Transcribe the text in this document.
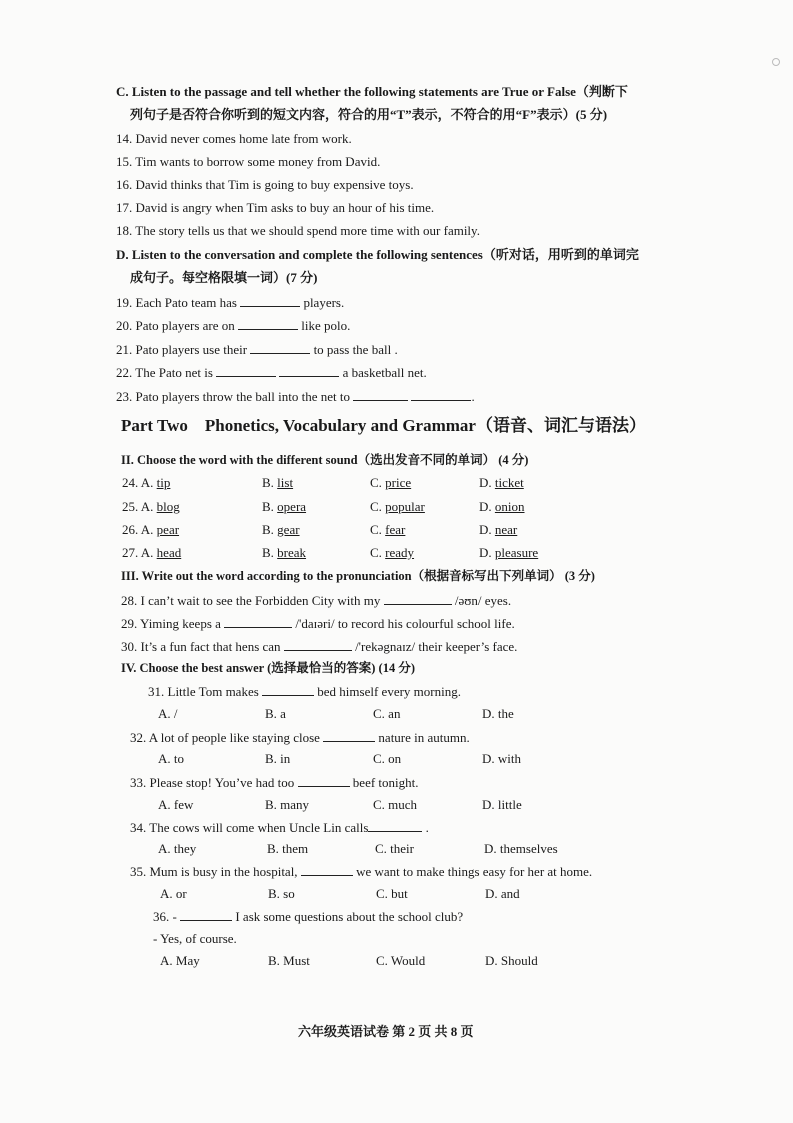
C. Listen to the passage and tell whether the following statements are True or False（判断下
列句子是否符合你听到的短文内容，符合的用“T”表示，不符合的用“F”表示）(5 分)
14. David never comes home late from work.
15. Tim wants to borrow some money from David.
16. David thinks that Tim is going to buy expensive toys.
17. David is angry when Tim asks to buy an hour of his time.
18. The story tells us that we should spend more time with our family.
D. Listen to the conversation and complete the following sentences（听对话，用听到的单词完
成句子。每空格限填一词）(7 分)
19. Each Pato team has	players.
20. Pato players are on	like polo.
21. Pato players use their	to pass the ball .
22. The Pato net is	a basketball net.
23. Pato players throw the ball into the net to	.
Part Two    Phonetics, Vocabulary and Grammar（语音、词汇与语法）
II. Choose the word with the different sound（选出发音不同的单词） (4 分)
24. A. tip	B. list	C. price	D. ticket
25. A. blog	B. opera	C. popular	D. onion
26. A. pear	B. gear	C. fear	D. near
27. A. head	B. break	C. ready	D. pleasure
III. Write out the word according to the pronunciation（根据音标写出下列单词） (3 分)
28. I can’t wait to see the Forbidden City with my	/əʊn/ eyes.
29. Yiming keeps a	/'daɪəri/ to record his colourful school life.
30. It’s a fun fact that hens can	/'rekəgnaɪz/ their keeper’s face.
IV. Choose the best answer (选择最恰当的答案) (14 分)
31. Little Tom makes	bed himself every morning.
A. /	B. a	C. an	D. the
32. A lot of people like staying close	nature in autumn.
A. to	B. in	C. on	D. with
33. Please stop! You’ve had too	beef tonight.
A. few	B. many	C. much	D. little
34. The cows will come when Uncle Lin calls	.
A. they	B. them	C. their	D. themselves
35. Mum is busy in the hospital,	we want to make things easy for her at home.
A. or	B. so	C. but	D. and
36. -	I ask some questions about the school club?
- Yes, of course.
A. May	B. Must	C. Would	D. Should
六年级英语试卷 第 2 页 共 8 页
